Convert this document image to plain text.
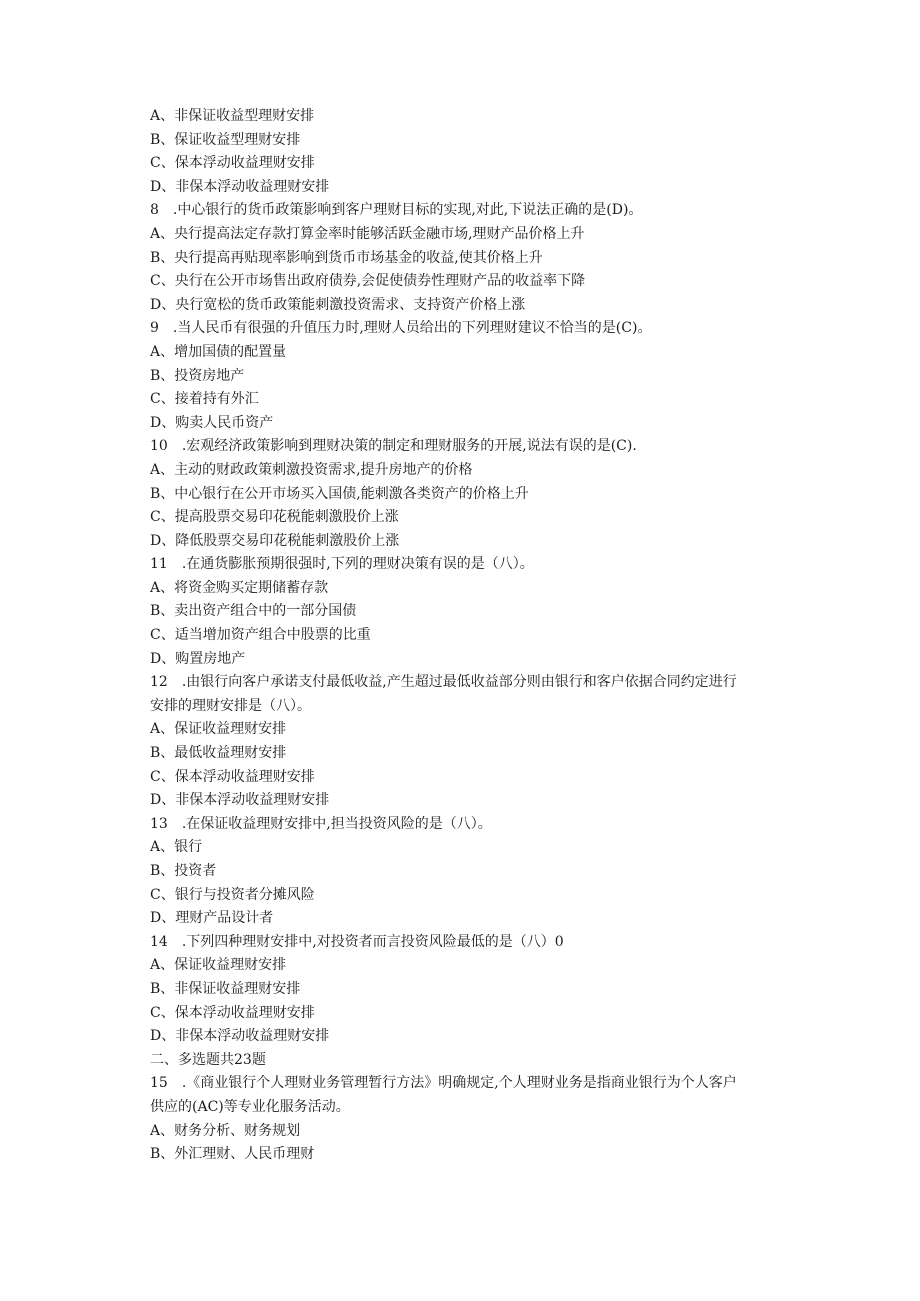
A、非保证收益型理财安排
B、保证收益型理财安排
C、保本浮动收益理财安排
D、非保本浮动收益理财安排
8　.中心银行的货币政策影响到客户理财目标的实现,对此,下说法正确的是(D)。
A、央行提高法定存款打算金率时能够活跃金融市场,理财产品价格上升
B、央行提高再贴现率影响到货币市场基金的收益,使其价格上升
C、央行在公开市场售出政府债券,会促使债券性理财产品的收益率下降
D、央行宽松的货币政策能刺激投资需求、支持资产价格上涨
9　.当人民币有很强的升值压力时,理财人员给出的下列理财建议不恰当的是(C)。
A、增加国债的配置量
B、投资房地产
C、接着持有外汇
D、购卖人民币资产
10　.宏观经济政策影响到理财决策的制定和理财服务的开展,说法有误的是(C).
A、主动的财政政策刺激投资需求,提升房地产的价格
B、中心银行在公开市场买入国债,能刺激各类资产的价格上升
C、提高股票交易印花税能刺激股价上涨
D、降低股票交易印花税能刺激股价上涨
11　.在通货膨胀预期很强时,下列的理财决策有误的是（八）。
A、将资金购买定期储蓄存款
B、卖出资产组合中的一部分国债
C、适当增加资产组合中股票的比重
D、购置房地产
12　.由银行向客户承诺支付最低收益,产生超过最低收益部分则由银行和客户依据合同约定进行
安排的理财安排是（八）。
A、保证收益理财安排
B、最低收益理财安排
C、保本浮动收益理财安排
D、非保本浮动收益理财安排
13　.在保证收益理财安排中,担当投资风险的是（八）。
A、银行
B、投资者
C、银行与投资者分摊风险
D、理财产品设计者
14　.下列四种理财安排中,对投资者而言投资风险最低的是（八）0
A、保证收益理财安排
B、非保证收益理财安排
C、保本浮动收益理财安排
D、非保本浮动收益理财安排
二、多选题共23题
15　.《商业银行个人理财业务管理暂行方法》明确规定,个人理财业务是指商业银行为个人客户
供应的(AC)等专业化服务活动。
A、财务分析、财务规划
B、外汇理财、人民币理财
